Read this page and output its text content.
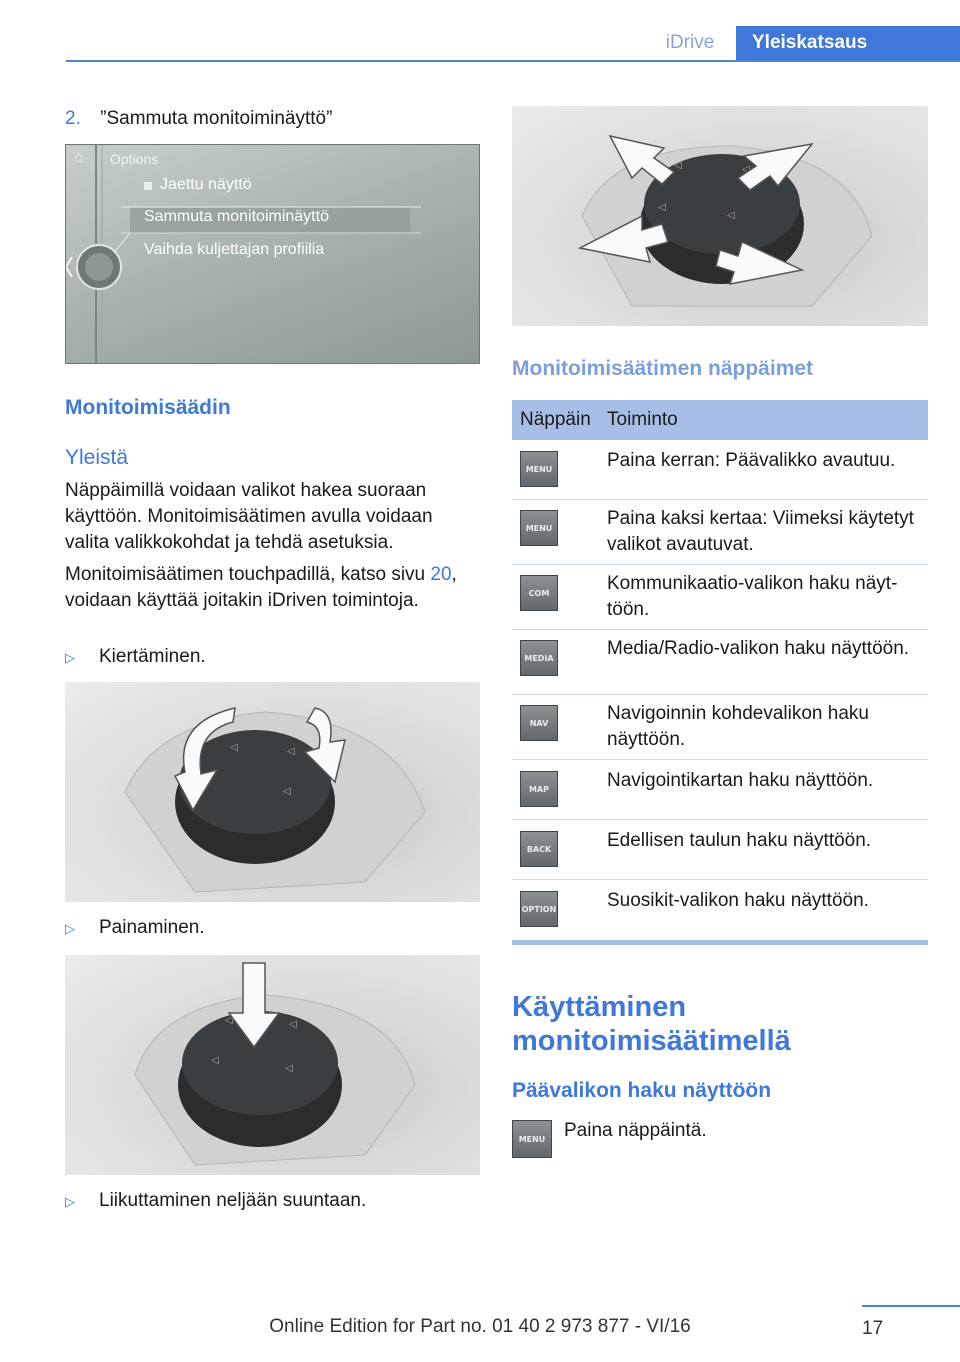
iDrive	Yleiskatsaus
2. ”Sammuta monitoiminäyttö”
⌂ Options
Jaettu näyttö
Sammuta monitoiminäyttö
Vaihda kuljettajan profiilia
Monitoimisäädin
Yleistä
Näppäimillä voidaan valikot hakea suoraan käyttöön. Monitoimisäätimen avulla voidaan valita valikkokohdat ja tehdä asetuksia.
Monitoimisäätimen touchpadillä, katso sivu 20, voidaan käyttää joitakin iDriven toimintoja.
▷ Kiertäminen.
◁	◁
◁
▷ Painaminen.
◁	◁
◁
◁
▷ Liikuttaminen neljään suuntaan.
◁	◁
◁
◁
Monitoimisäätimen näppäimet
Näppäin Toiminto
MENU	Paina kerran: Päävalikko avautuu.
MENU	Paina kaksi kertaa: Viimeksi käytetyt valikot avautuvat.
COM	Kommunikaatio-valikon haku näyttöön.
MEDIA	Media/Radio-valikon haku näyttöön.
NAV	Navigoinnin kohdevalikon haku näyttöön.
MAP	Navigointikartan haku näyttöön.
BACK	Edellisen taulun haku näyttöön.
OPTION	Suosikit-valikon haku näyttöön.
Käyttäminen monitoimisäätimellä
Päävalikon haku näyttöön
MENU Paina näppäintä.
17
Online Edition for Part no. 01 40 2 973 877 - VI/16
